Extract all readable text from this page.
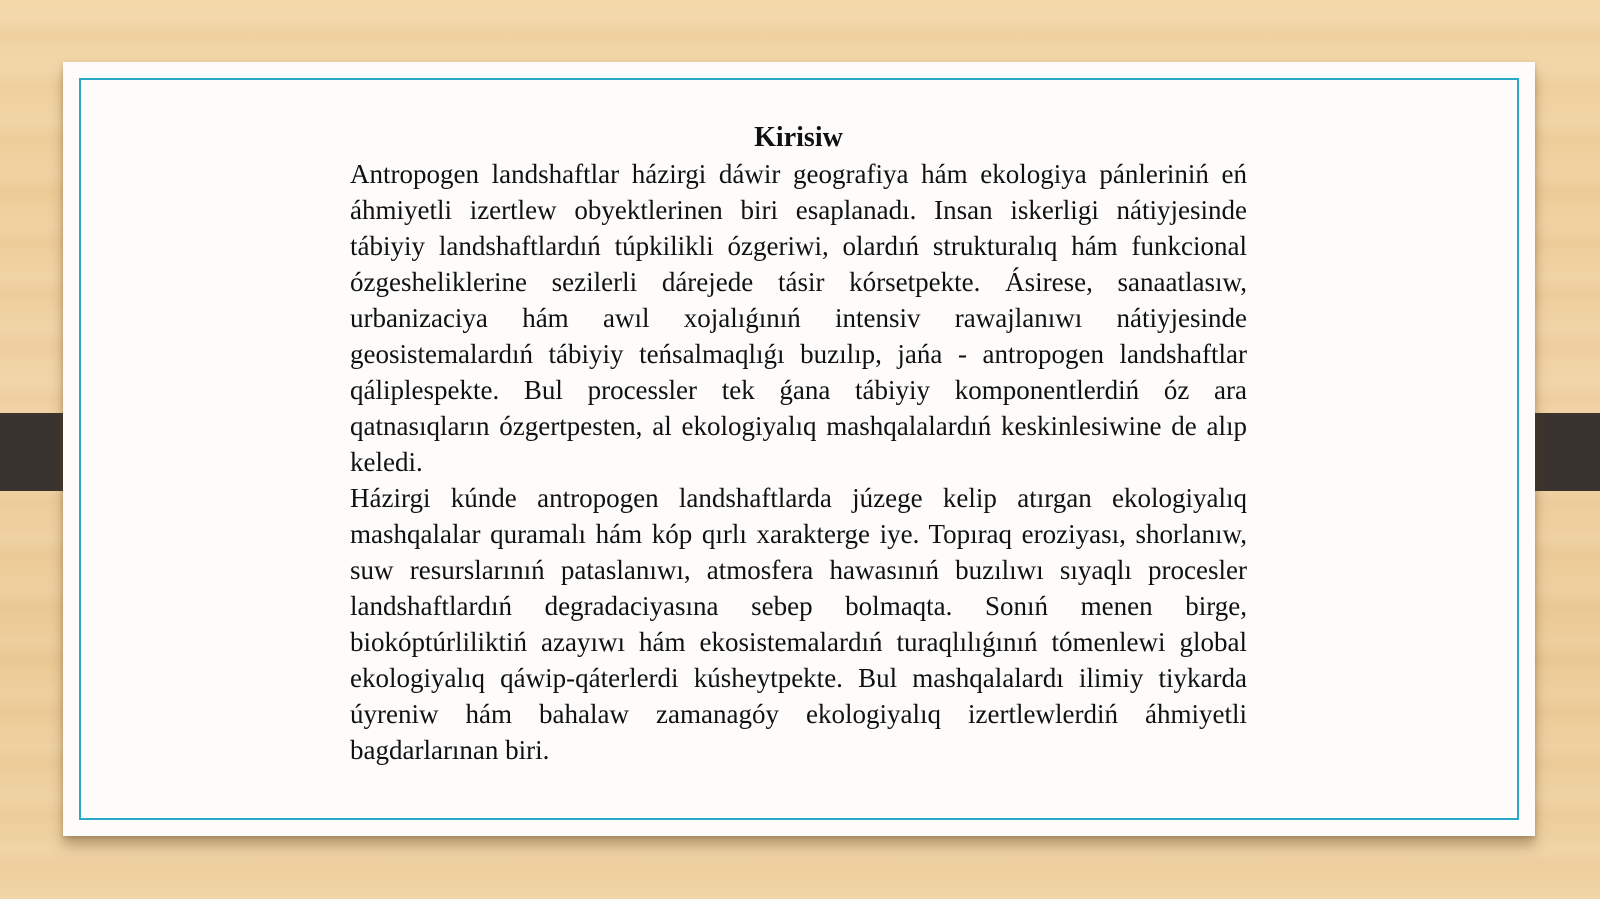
Kirisiw

Antropogen landshaftlar házirgi dáwir geografiya hám ekologiya pánleriniń eń áhmiyetli izertlew obyektlerinen biri esaplanadı. Insan iskerligi nátiyjesinde tábiyiy landshaftlardıń túpkilikli ózgeriwi, olardıń strukturalıq hám funkcional ózgesheliklerine sezilerli dárejede tásir kórsetpekte. Ásirese, sanaatlasıw, urbanizaciya hám awıl xojalıǵınıń intensiv rawajlanıwı nátiyjesinde geosistemalardıń tábiyiy teńsalmaqlıǵı buzılıp, jańa - antropogen landshaftlar qáliplespekte. Bul processler tek ǵana tábiyiy komponentlerdiń óz ara qatnasıqların ózgertpesten, al ekologiyalıq mashqalalardıń keskinlesiwine de alıp keledi.

Házirgi kúnde antropogen landshaftlarda júzege kelip atırgan ekologiyalıq mashqalalar quramalı hám kóp qırlı xarakterge iye. Topıraq eroziyası, shorlanıw, suw resurslarınıń pataslanıwı, atmosfera hawasınıń buzılıwı sıyaqlı procesler landshaftlardıń degradaciyasına sebep bolmaqta. Sonıń menen birge, biokóptúrliliktiń azayıwı hám ekosistemalardıń turaqlılıǵınıń tómenlewi global ekologiyalıq qáwip-qáterlerdi kúsheytpekte. Bul mashqalalardı ilimiy tiykarda úyreniw hám bahalaw zamanagóy ekologiyalıq izertlewlerdiń áhmiyetli bagdarlarınan biri.
